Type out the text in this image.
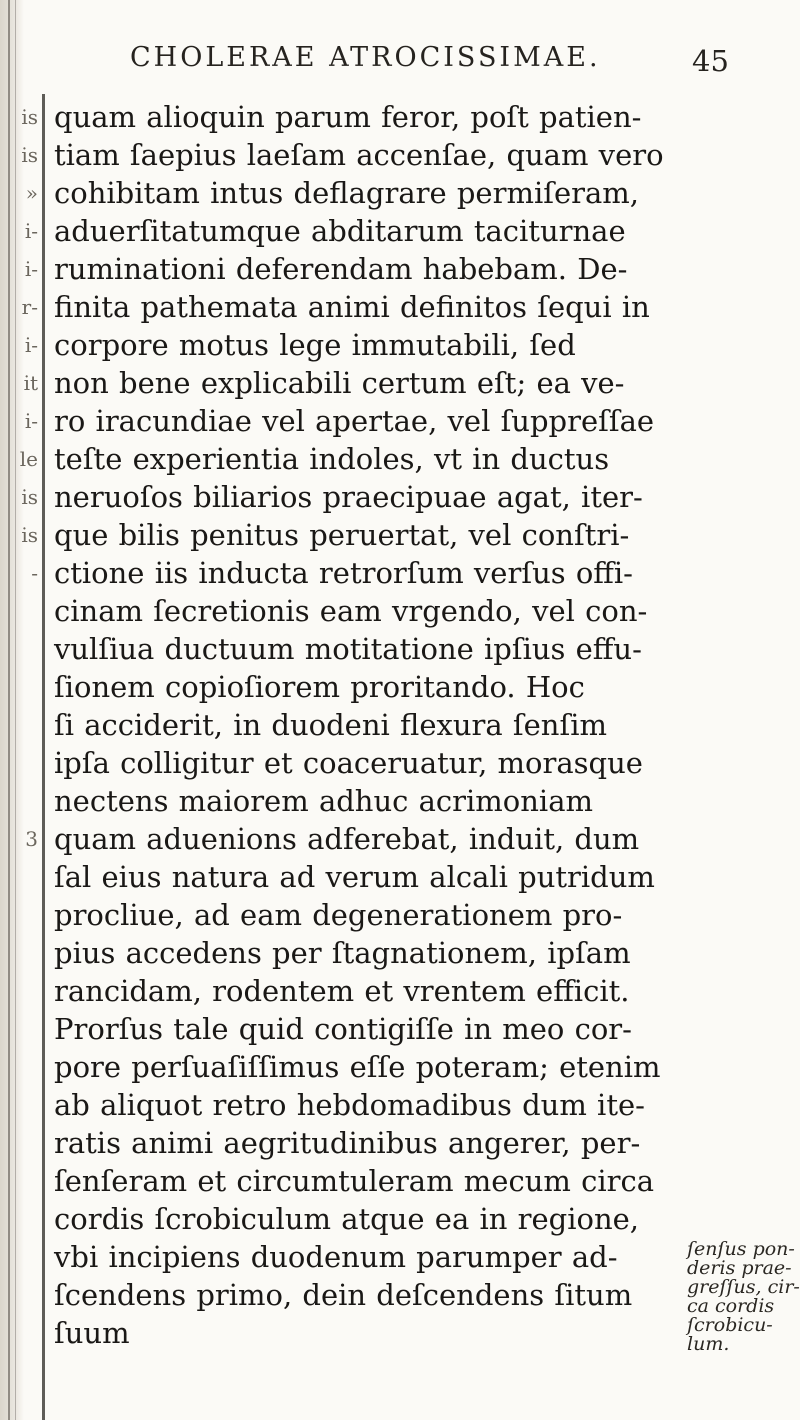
is
is
»
i-
i-
r-
i-
it
i-
le
is
is
-
3
CHOLERAE ATROCISSIMAE.	45
quam alioquin parum feror, poſt patien-
tiam ſaepius laeſam accenſae, quam vero
cohibitam intus deflagrare permiſeram,
aduerſitatumque abditarum taciturnae
ruminationi deferendam habebam. De-
finita pathemata animi definitos ſequi in
corpore motus lege immutabili, ſed
non bene explicabili certum eſt; ea ve-
ro iracundiae vel apertae, vel ſuppreſſae
teſte experientia indoles, vt in ductus
neruoſos biliarios praecipuae agat, iter-
que bilis penitus peruertat, vel conſtri-
ctione iis inducta retrorſum verſus offi-
cinam ſecretionis eam vrgendo, vel con-
vulſiua ductuum motitatione ipſius effu-
ſionem copioſiorem proritando. Hoc
ſi acciderit, in duodeni flexura ſenſim
ipſa colligitur et coaceruatur, morasque
nectens maiorem adhuc acrimoniam
quam aduenions adferebat, induit, dum
ſal eius natura ad verum alcali putridum
procliue, ad eam degenerationem pro-
pius accedens per ſtagnationem, ipſam
rancidam, rodentem et vrentem efficit.
Prorſus tale quid contigiſſe in meo cor-
pore perſuaſiſſimus eſſe poteram; etenim
ab aliquot retro hebdomadibus dum ite-
ratis animi aegritudinibus angerer, per-
ſenſeram et circumtuleram mecum circa
cordis ſcrobiculum atque ea in regione,
vbi incipiens duodenum parumper ad-
ſcendens primo, dein deſcendens ſitum
ſuum
ſenſus pon-
deris prae-
greſſus, cir-
ca cordis
ſcrobicu-
lum.
